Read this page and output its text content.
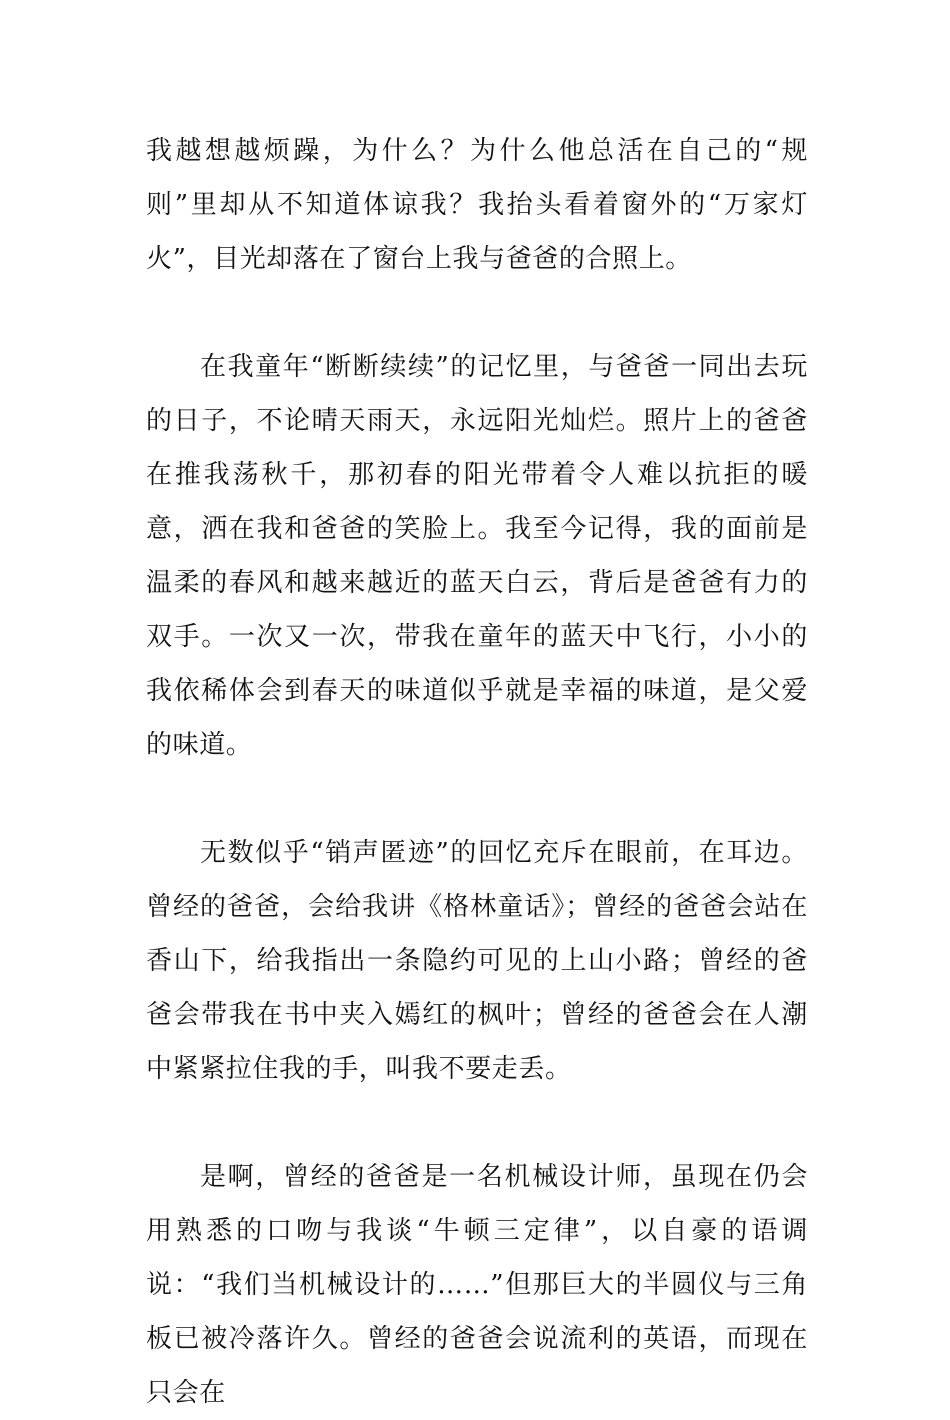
我越想越烦躁，为什么？为什么他总活在自己的“规则”里却从不知道体谅我？我抬头看着窗外的“万家灯火”，目光却落在了窗台上我与爸爸的合照上。

在我童年“断断续续”的记忆里，与爸爸一同出去玩的日子，不论晴天雨天，永远阳光灿烂。照片上的爸爸在推我荡秋千，那初春的阳光带着令人难以抗拒的暖意，洒在我和爸爸的笑脸上。我至今记得，我的面前是温柔的春风和越来越近的蓝天白云，背后是爸爸有力的双手。一次又一次，带我在童年的蓝天中飞行，小小的我依稀体会到春天的味道似乎就是幸福的味道，是父爱的味道。

无数似乎“销声匿迹”的回忆充斥在眼前，在耳边。曾经的爸爸，会给我讲《格林童话》；曾经的爸爸会站在香山下，给我指出一条隐约可见的上山小路；曾经的爸爸会带我在书中夹入嫣红的枫叶；曾经的爸爸会在人潮中紧紧拉住我的手，叫我不要走丢。

是啊，曾经的爸爸是一名机械设计师，虽现在仍会用熟悉的口吻与我谈“牛顿三定律”，以自豪的语调说：“我们当机械设计的……”但那巨大的半圆仪与三角板已被冷落许久。曾经的爸爸会说流利的英语，而现在只会在
